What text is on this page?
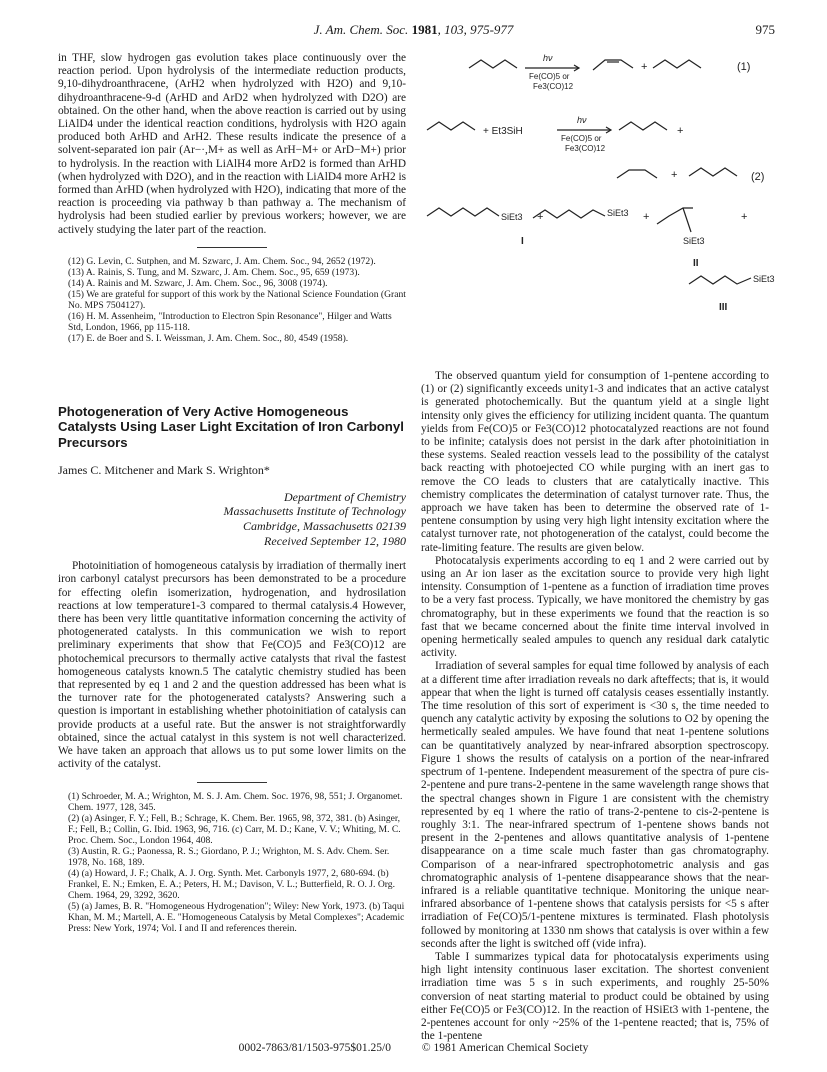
J. Am. Chem. Soc. 1981, 103, 975-977	975

in THF, slow hydrogen gas evolution takes place continuously over the reaction period. Upon hydrolysis of the intermediate reduction products, 9,10-dihydroanthracene, (ArH2 when hydrolyzed with H2O) and 9,10-dihydroanthracene-9-d (ArHD and ArD2 when hydrolyzed with D2O) are obtained. On the other hand, when the above reaction is carried out by using LiAlD4 under the identical reaction conditions, hydrolysis with H2O again produced both ArHD and ArH2. These results indicate the presence of a solvent-separated ion pair (Ar−·,M+ as well as ArH−M+ or ArD−M+) prior to hydrolysis. In the reaction with LiAlH4 more ArD2 is formed than ArHD (when hydrolyzed with D2O), and in the reaction with LiAlD4 more ArH2 is formed than ArHD (when hydrolyzed with H2O), indicating that more of the reaction is proceeding via pathway b than pathway a. The mechanism of hydrolysis had been studied earlier by previous workers; however, we are actively studying the later part of the reaction.

(12) G. Levin, C. Sutphen, and M. Szwarc, J. Am. Chem. Soc., 94, 2652 (1972).

(13) A. Rainis, S. Tung, and M. Szwarc, J. Am. Chem. Soc., 95, 659 (1973).

(14) A. Rainis and M. Szwarc, J. Am. Chem. Soc., 96, 3008 (1974).

(15) We are grateful for support of this work by the National Science Foundation (Grant No. MPS 7504127).

(16) H. M. Assenheim, "Introduction to Electron Spin Resonance", Hilger and Watts Std, London, 1966, pp 115-118.

(17) E. de Boer and S. I. Weissman, J. Am. Chem. Soc., 80, 4549 (1958).

Photogeneration of Very Active Homogeneous Catalysts Using Laser Light Excitation of Iron Carbonyl Precursors
James C. Mitchener and Mark S. Wrighton*
Department of Chemistry
Massachusetts Institute of Technology
Cambridge, Massachusetts 02139
Received September 12, 1980

Photoinitiation of homogeneous catalysis by irradiation of thermally inert iron carbonyl catalyst precursors has been demonstrated to be a procedure for effecting olefin isomerization, hydrogenation, and hydrosilation reactions at low temperature1-3 compared to thermal catalysis.4 However, there has been very little quantitative information concerning the activity of photogenerated catalysts. In this communication we wish to report preliminary experiments that show that Fe(CO)5 and Fe3(CO)12 are photochemical precursors to thermally active catalysts that rival the fastest homogeneous catalysts known.5 The catalytic chemistry studied has been that represented by eq 1 and 2 and the question addressed has been what is the turnover rate for the photogenerated catalysts? Answering such a question is important in establishing whether photoinitiation of catalysis can provide products at a useful rate. But the answer is not straightforwardly obtained, since the actual catalyst in this system is not well characterized. We have taken an approach that allows us to put some lower limits on the activity of the catalyst.

(1) Schroeder, M. A.; Wrighton, M. S. J. Am. Chem. Soc. 1976, 98, 551; J. Organomet. Chem. 1977, 128, 345.

(2) (a) Asinger, F. Y.; Fell, B.; Schrage, K. Chem. Ber. 1965, 98, 372, 381. (b) Asinger, F.; Fell, B.; Collin, G. Ibid. 1963, 96, 716. (c) Carr, M. D.; Kane, V. V.; Whiting, M. C. Proc. Chem. Soc., London 1964, 408.

(3) Austin, R. G.; Paonessa, R. S.; Giordano, P. J.; Wrighton, M. S. Adv. Chem. Ser. 1978, No. 168, 189.

(4) (a) Howard, J. F.; Chalk, A. J. Org. Synth. Met. Carbonyls 1977, 2, 680-694. (b) Frankel, E. N.; Emken, E. A.; Peters, H. M.; Davison, V. L.; Butterfield, R. O. J. Org. Chem. 1964, 29, 3292, 3620.

(5) (a) James, B. R. "Homogeneous Hydrogenation"; Wiley: New York, 1973. (b) Taqui Khan, M. M.; Martell, A. E. "Homogeneous Catalysis by Metal Complexes"; Academic Press: New York, 1974; Vol. I and II and references therein.

hν
Fe(CO)5 or
Fe3(CO)12
+
+ Et3SiH
hν
Fe(CO)5 or
Fe3(CO)12
+
+
SiEt3 +	SiEt3 +
SiEt3
+
SiEt3
I
II
III
(1)
(2)

The observed quantum yield for consumption of 1-pentene according to (1) or (2) significantly exceeds unity1-3 and indicates that an active catalyst is generated photochemically. But the quantum yield at a single light intensity only gives the efficiency for utilizing incident quanta. The quantum yields from Fe(CO)5 or Fe3(CO)12 photocatalyzed reactions are not found to be infinite; catalysis does not persist in the dark after photoinitiation in these systems. Sealed reaction vessels lead to the possibility of the catalyst back reacting with photoejected CO while purging with an inert gas to remove the CO leads to clusters that are catalytically inactive. This chemistry complicates the determination of catalyst turnover rate. Thus, the approach we have taken has been to determine the observed rate of 1-pentene consumption by using very high light intensity excitation where the catalyst turnover rate, not photogeneration of the catalyst, could become the rate-limiting feature. The results are given below.

Photocatalysis experiments according to eq 1 and 2 were carried out by using an Ar ion laser as the excitation source to provide very high light intensity. Consumption of 1-pentene as a function of irradiation time proves to be a very fast process. Typically, we have monitored the chemistry by gas chromatography, but in these experiments we found that the reaction is so fast that we became concerned about the finite time interval involved in opening hermetically sealed ampules to quench any residual dark catalytic activity.

Irradiation of several samples for equal time followed by analysis of each at a different time after irradiation reveals no dark afteffects; that is, it would appear that when the light is turned off catalysis ceases essentially instantly. The time resolution of this sort of experiment is <30 s, the time needed to quench any catalytic activity by exposing the solutions to O2 by opening the hermetically sealed ampules. We have found that neat 1-pentene solutions can be quantitatively analyzed by near-infrared absorption spectroscopy. Figure 1 shows the results of catalysis on a portion of the near-infrared spectrum of 1-pentene. Independent measurement of the spectra of pure cis-2-pentene and pure trans-2-pentene in the same wavelength range shows that the spectral changes shown in Figure 1 are consistent with the chemistry represented by eq 1 where the ratio of trans-2-pentene to cis-2-pentene is roughly 3:1. The near-infrared spectrum of 1-pentene shows bands not present in the 2-pentenes and allows quantitative analysis of 1-pentene disappearance on a time scale much faster than gas chromatography. Comparison of a near-infrared spectrophotometric analysis and gas chromatographic analysis of 1-pentene disappearance shows that the near-infrared is a reliable quantitative technique. Monitoring the unique near-infrared absorbance of 1-pentene shows that catalysis persists for <5 s after irradiation of Fe(CO)5/1-pentene mixtures is terminated. Flash photolysis followed by monitoring at 1330 nm shows that catalysis is over within a few seconds after the light is switched off (vide infra).

Table I summarizes typical data for photocatalysis experiments using high light intensity continuous laser excitation. The shortest convenient irradiation time was 5 s in such experiments, and roughly 25-50% conversion of neat starting material to product could be obtained by using either Fe(CO)5 or Fe3(CO)12. In the reaction of HSiEt3 with 1-pentene, the 2-pentenes account for only ~25% of the 1-pentene reacted; that is, 75% of the 1-pentene

0002-7863/81/1503-975$01.25/0	© 1981 American Chemical Society
